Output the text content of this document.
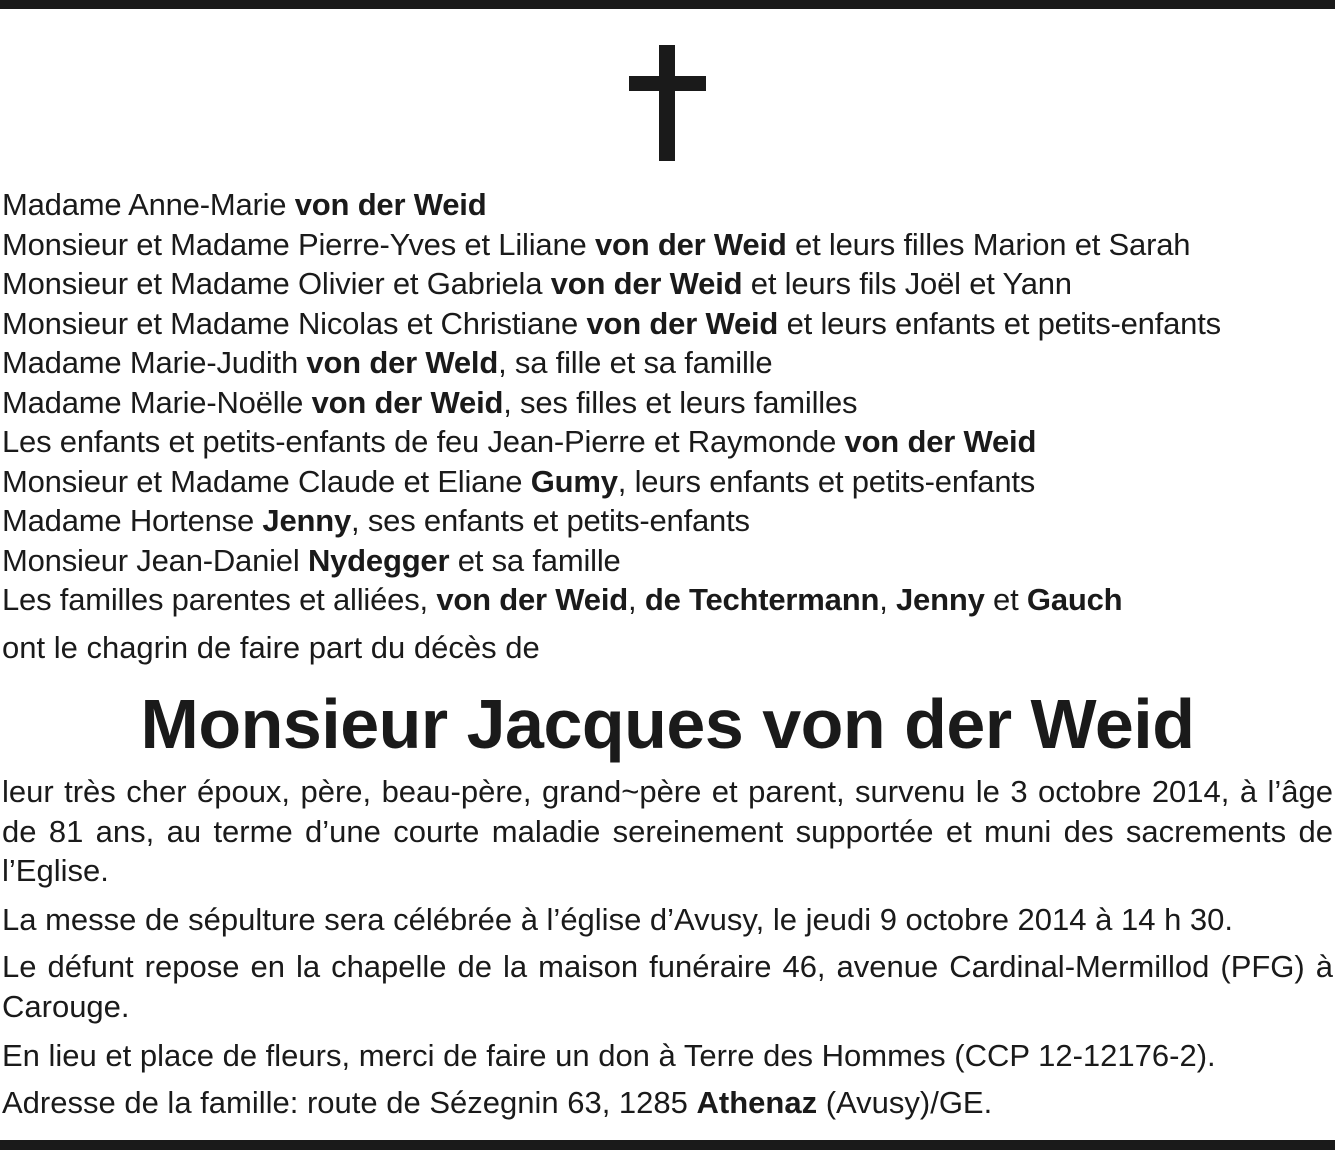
Madame Anne-Marie von der Weid
Monsieur et Madame Pierre-Yves et Liliane von der Weid et leurs filles Marion et Sarah
Monsieur et Madame Olivier et Gabriela von der Weid et leurs fils Joël et Yann
Monsieur et Madame Nicolas et Christiane von der Weid et leurs enfants et petits-enfants
Madame Marie-Judith von der Weld, sa fille et sa famille
Madame Marie-Noëlle von der Weid, ses filles et leurs familles
Les enfants et petits-enfants de feu Jean-Pierre et Raymonde von der Weid
Monsieur et Madame Claude et Eliane Gumy, leurs enfants et petits-enfants
Madame Hortense Jenny, ses enfants et petits-enfants
Monsieur Jean-Daniel Nydegger et sa famille
Les familles parentes et alliées, von der Weid, de Techtermann, Jenny et Gauch
ont le chagrin de faire part du décès de
Monsieur Jacques von der Weid
leur très cher époux, père, beau-père, grand~père et parent, survenu le 3 octobre 2014, à l’âge de 81 ans, au terme d’une courte maladie sereinement supportée et muni des sacrements de l’Eglise.
La messe de sépulture sera célébrée à l’église d’Avusy, le jeudi 9 octobre 2014 à 14 h 30.
Le défunt repose en la chapelle de la maison funéraire 46, avenue Cardinal-Mermillod (PFG) à Carouge.
En lieu et place de fleurs, merci de faire un don à Terre des Hommes (CCP 12-12176-2).
Adresse de la famille: route de Sézegnin 63, 1285 Athenaz (Avusy)/GE.
